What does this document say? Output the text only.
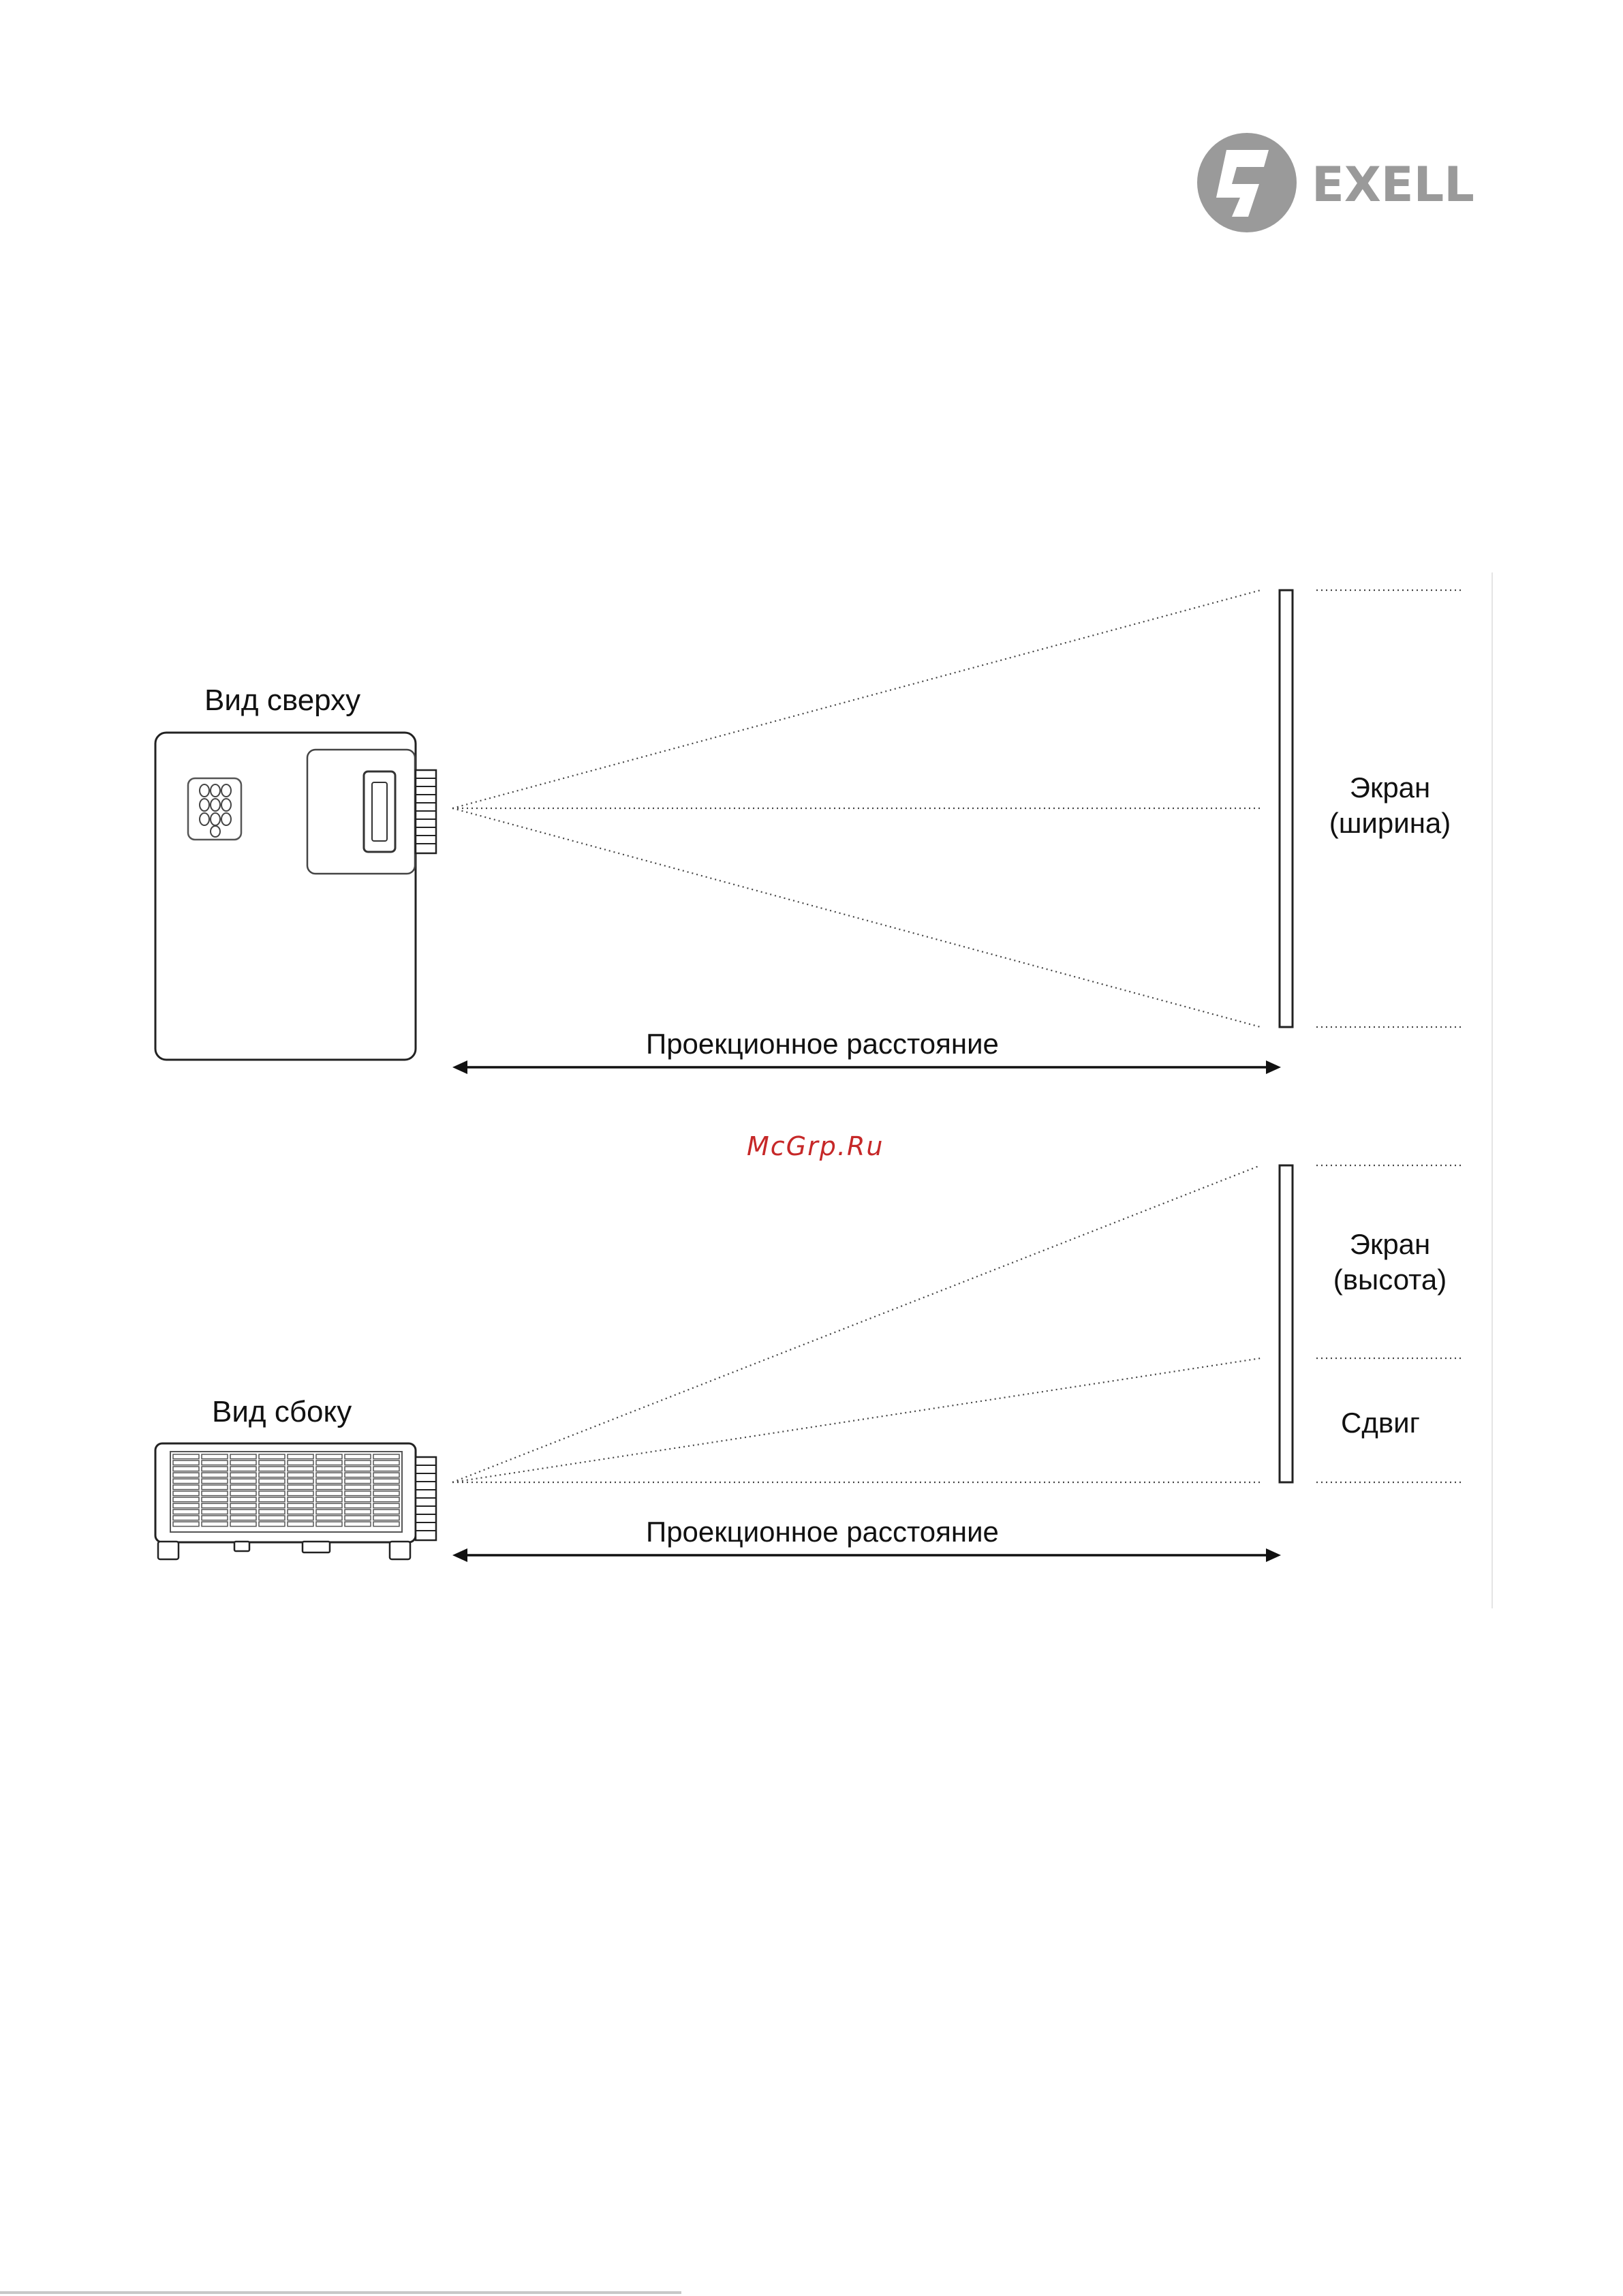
EXELL
Вид сверху
Экран
(ширина)
Проекционное расстояние
McGrp.Ru
Экран
(высота)
Вид сбоку	Сдвиг
Проекционное расстояние
